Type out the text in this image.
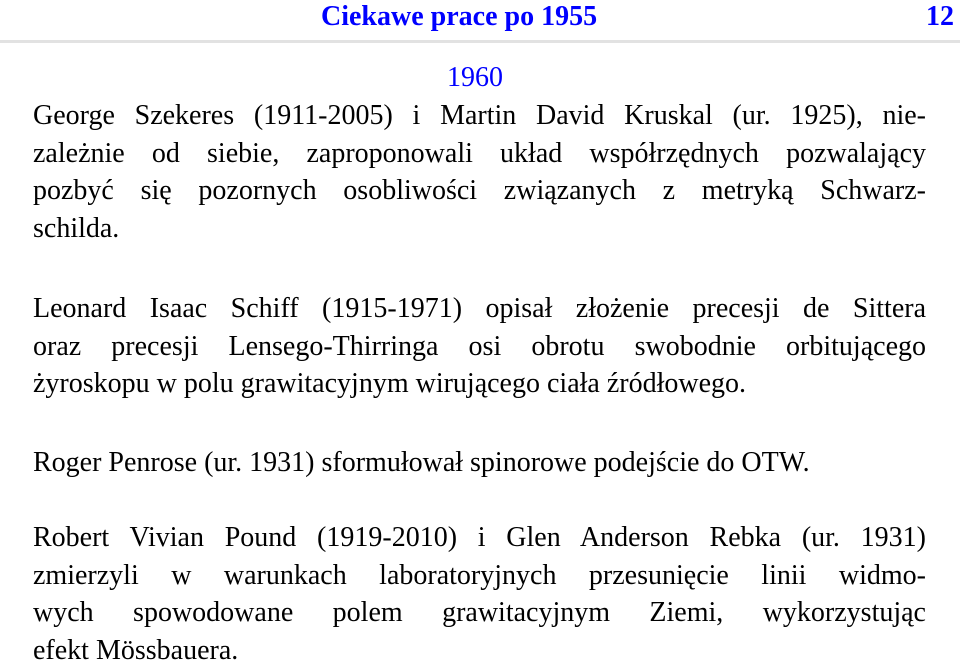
Ciekawe prace po 1955	12
1960
George Szekeres (1911-2005) i Martin David Kruskal (ur. 1925), nie-
zależnie od siebie, zaproponowali układ współrzędnych pozwalający
pozbyć się pozornych osobliwości związanych z metryką Schwarz-
schilda.
Leonard Isaac Schiff (1915-1971) opisał złożenie precesji de Sittera
oraz precesji Lensego-Thirringa osi obrotu swobodnie orbitującego
żyroskopu w polu grawitacyjnym wirującego ciała źródłowego.
Roger Penrose (ur. 1931) sformułował spinorowe podejście do OTW.
Robert Vivian Pound (1919-2010) i Glen Anderson Rebka (ur. 1931)
zmierzyli w warunkach laboratoryjnych przesunięcie linii widmo-
wych spowodowane polem grawitacyjnym Ziemi, wykorzystując
efekt Mössbauera.
